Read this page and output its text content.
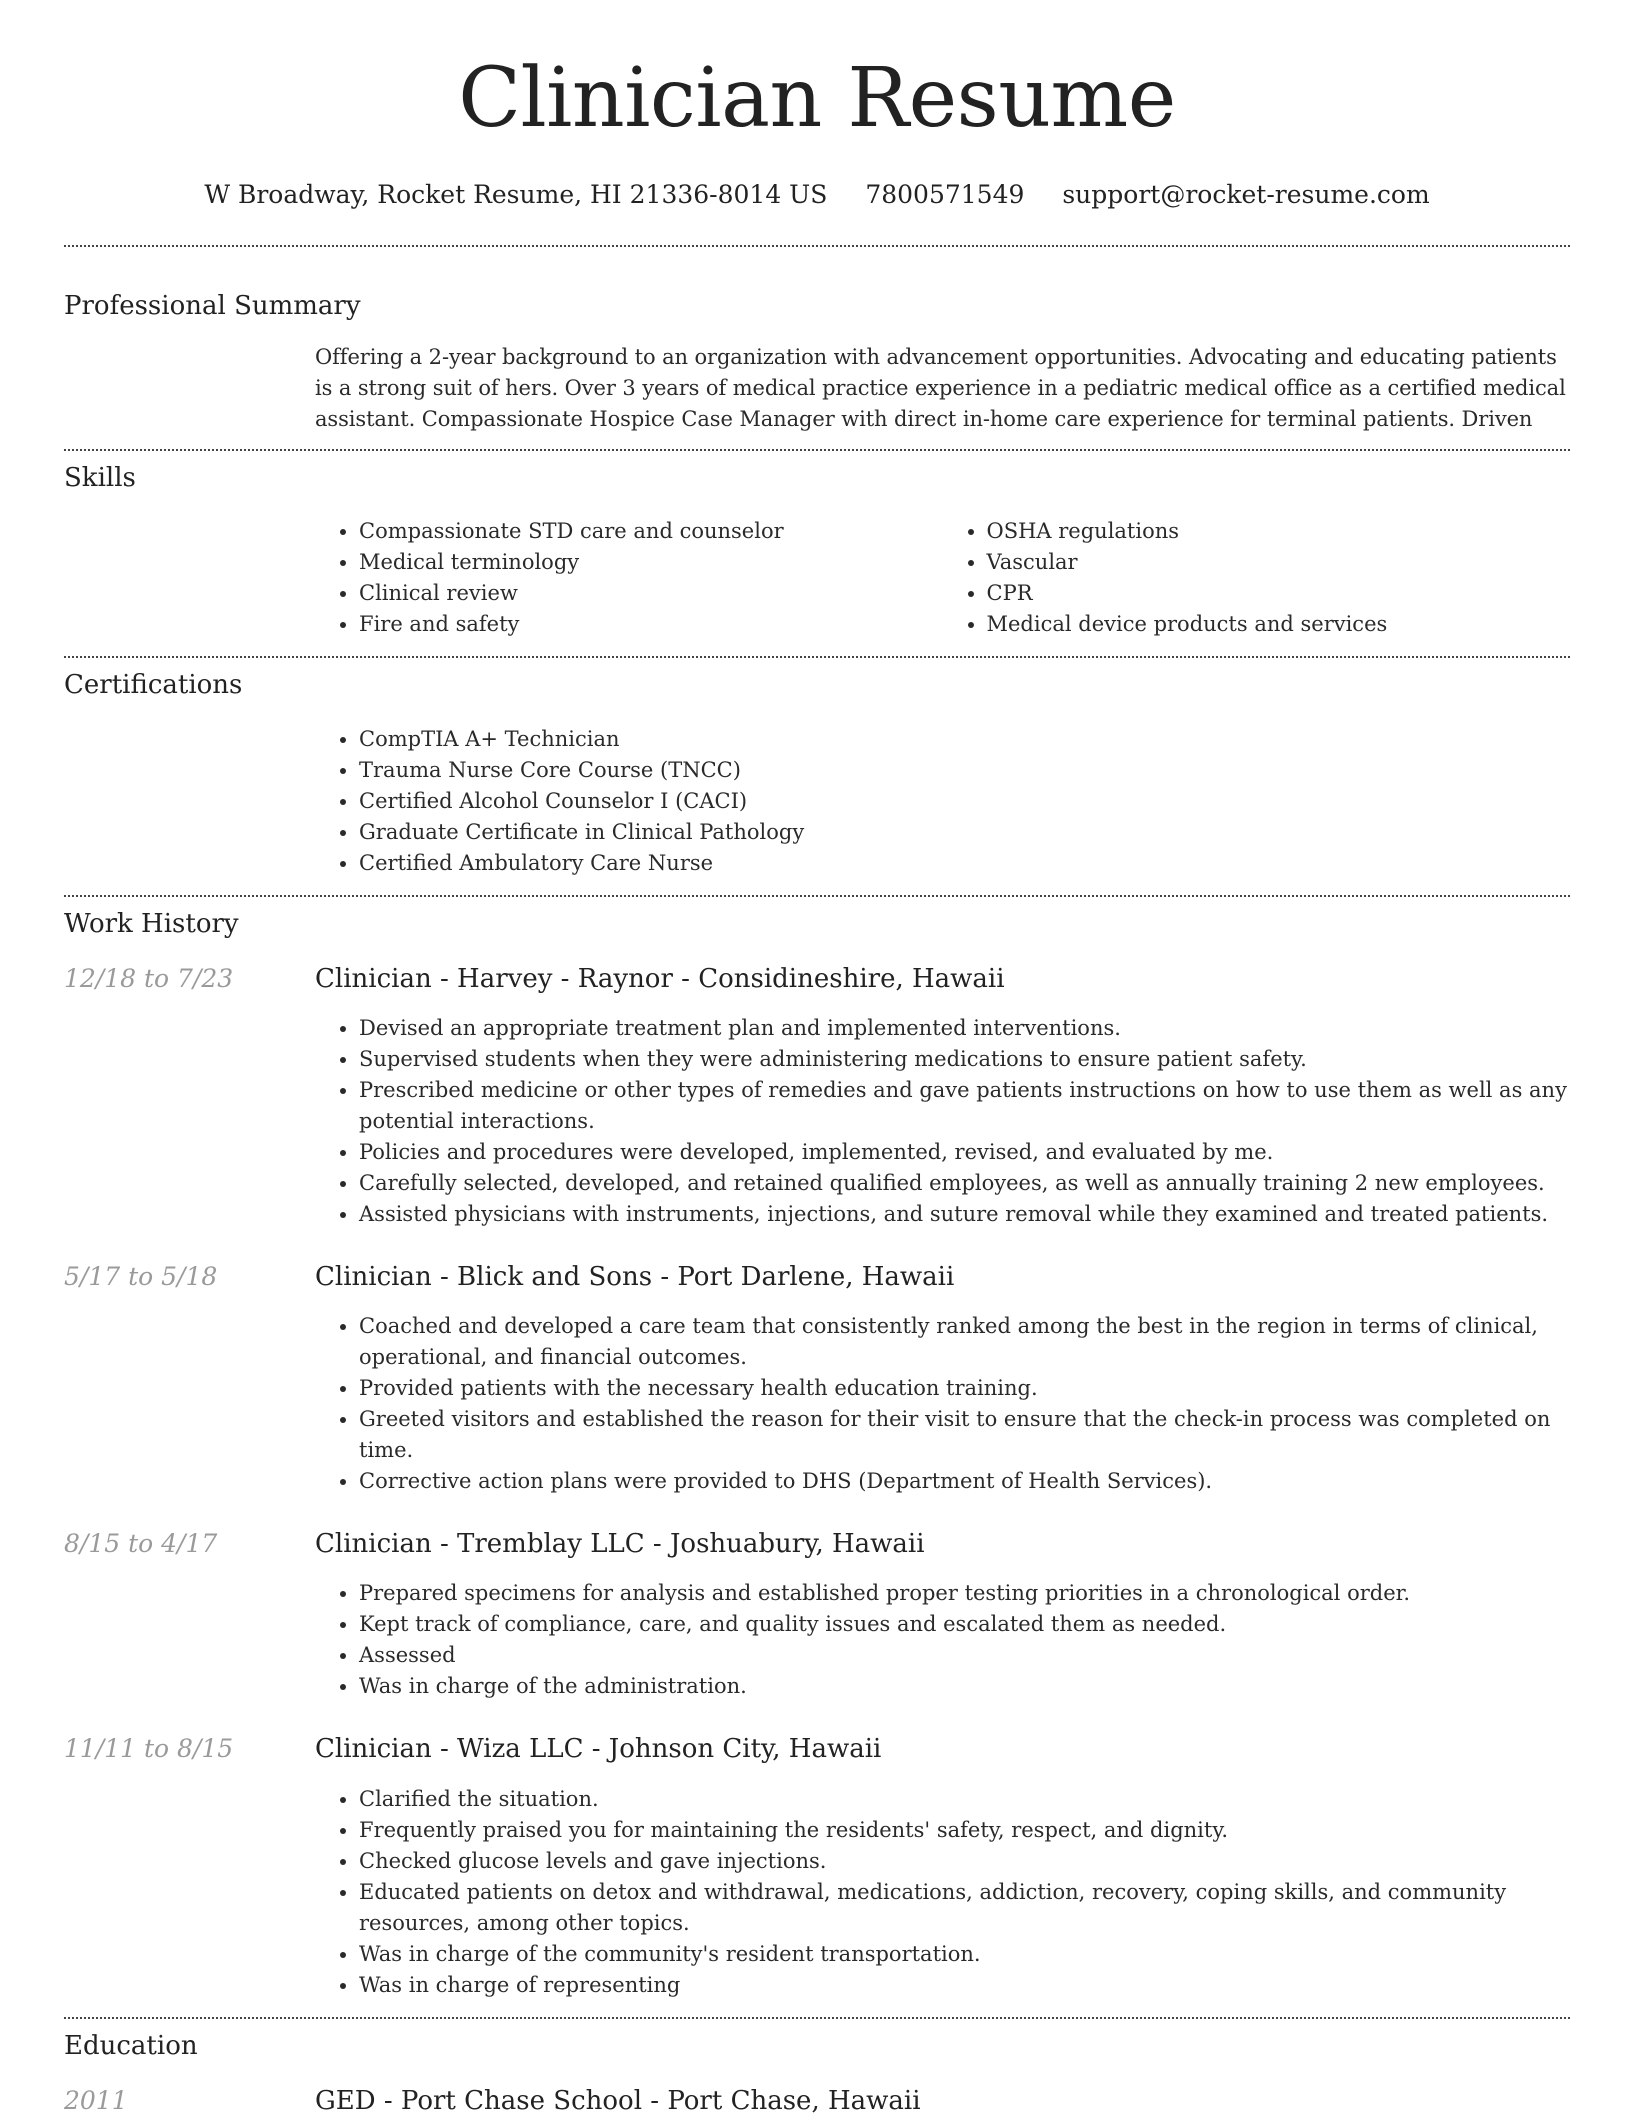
Clinician Resume
W Broadway, Rocket Resume, HI 21336-8014 US 7800571549 support@rocket-resume.com
Professional Summary
Offering a 2-year background to an organization with advancement opportunities. Advocating and educating patients is a strong suit of hers. Over 3 years of medical practice experience in a pediatric medical office as a certified medical assistant. Compassionate Hospice Case Manager with direct in-home care experience for terminal patients. Driven
Skills
• Compassionate STD care and counselor
• Medical terminology
• Clinical review
• Fire and safety
• OSHA regulations
• Vascular
• CPR
• Medical device products and services
Certifications
• CompTIA A+ Technician
• Trauma Nurse Core Course (TNCC)
• Certified Alcohol Counselor I (CACI)
• Graduate Certificate in Clinical Pathology
• Certified Ambulatory Care Nurse
Work History
12/18 to 7/23	Clinician - Harvey - Raynor - Considineshire, Hawaii
• Devised an appropriate treatment plan and implemented interventions.
• Supervised students when they were administering medications to ensure patient safety.
• Prescribed medicine or other types of remedies and gave patients instructions on how to use them as well as any potential interactions.
• Policies and procedures were developed, implemented, revised, and evaluated by me.
• Carefully selected, developed, and retained qualified employees, as well as annually training 2 new employees.
• Assisted physicians with instruments, injections, and suture removal while they examined and treated patients.
5/17 to 5/18	Clinician - Blick and Sons - Port Darlene, Hawaii
• Coached and developed a care team that consistently ranked among the best in the region in terms of clinical, operational, and financial outcomes.
• Provided patients with the necessary health education training.
• Greeted visitors and established the reason for their visit to ensure that the check-in process was completed on time.
• Corrective action plans were provided to DHS (Department of Health Services).
8/15 to 4/17	Clinician - Tremblay LLC - Joshuabury, Hawaii
• Prepared specimens for analysis and established proper testing priorities in a chronological order.
• Kept track of compliance, care, and quality issues and escalated them as needed.
• Assessed
• Was in charge of the administration.
11/11 to 8/15	Clinician - Wiza LLC - Johnson City, Hawaii
• Clarified the situation.
• Frequently praised you for maintaining the residents' safety, respect, and dignity.
• Checked glucose levels and gave injections.
• Educated patients on detox and withdrawal, medications, addiction, recovery, coping skills, and community resources, among other topics.
• Was in charge of the community's resident transportation.
• Was in charge of representing
Education
2011	GED - Port Chase School - Port Chase, Hawaii
